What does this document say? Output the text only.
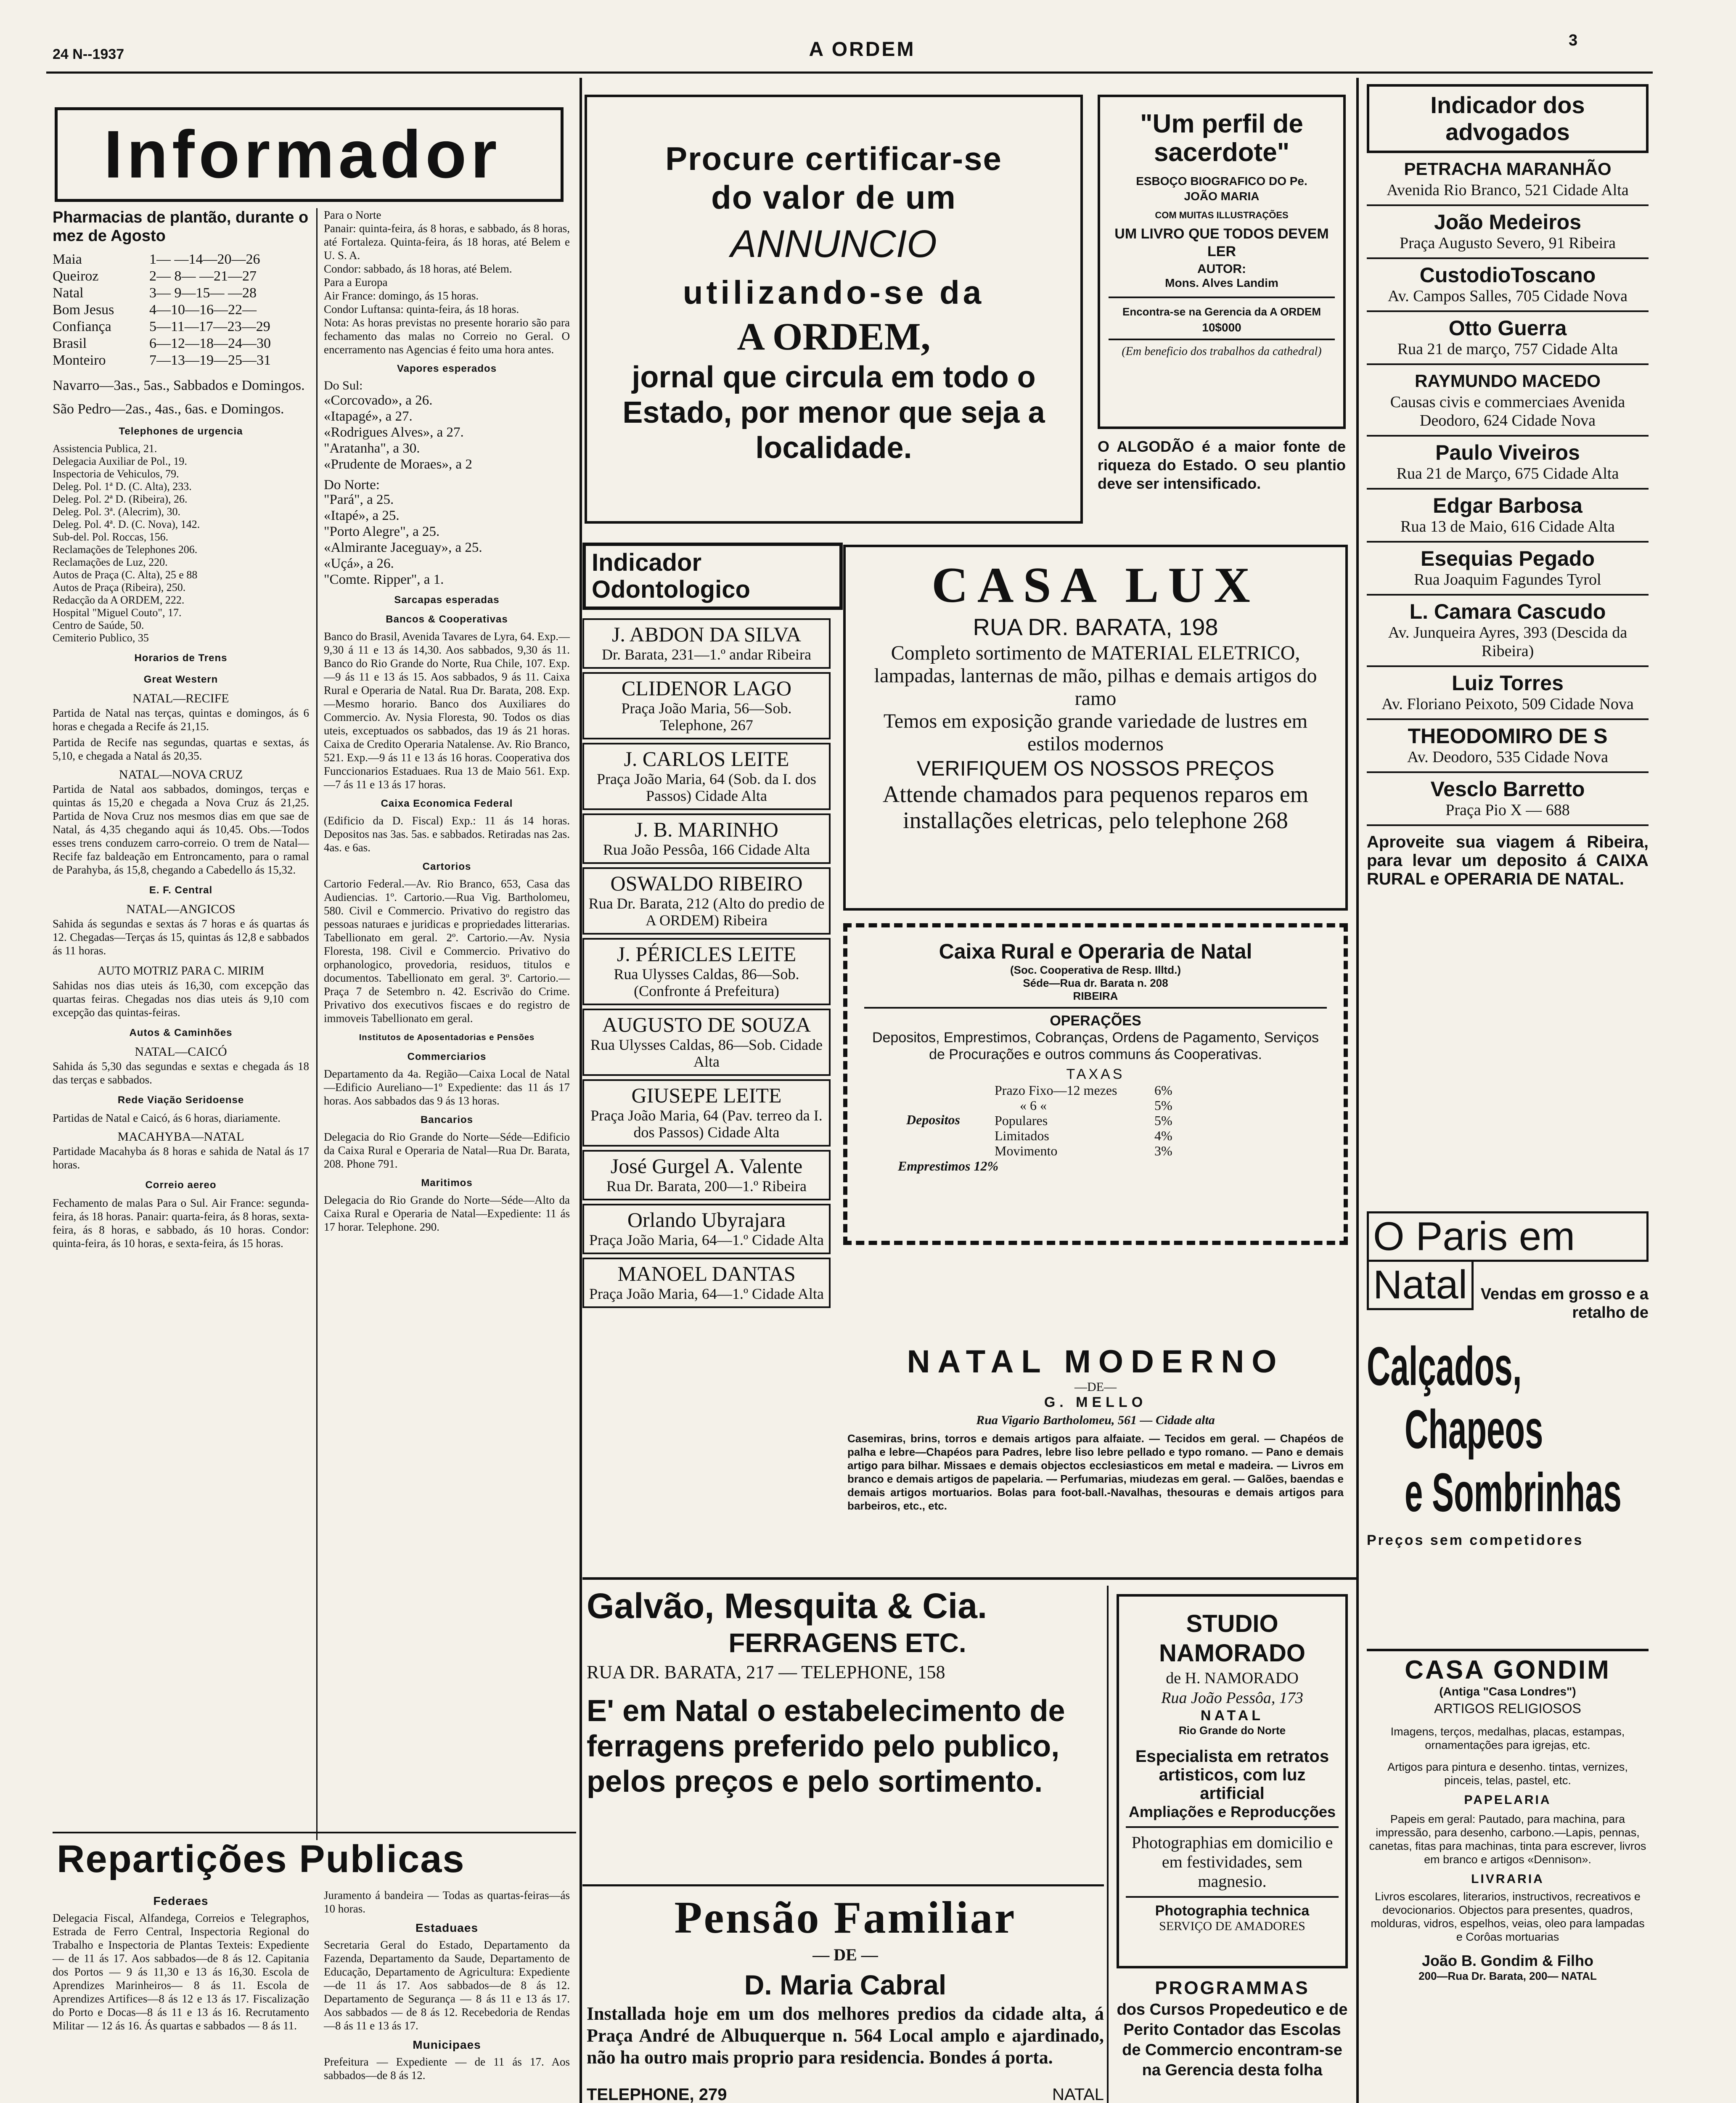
24 N--1937	A ORDEM	3
Informador
Pharmacias de plantão, durante o mez de Agosto
Maia	1— —14—20—26
Queiroz	2— 8— —21—27
Natal	3— 9—15— —28
Bom Jesus 4—10—16—22—
Confiança	5—11—17—23—29
Brasil	6—12—18—24—30
Monteiro	7—13—19—25—31

Navarro—3as., 5as., Sabbados e Domingos.

São Pedro—2as., 4as., 6as. e Domingos.

Telephones de urgencia
Assistencia Publica, 21.
Delegacia Auxiliar de Pol., 19.
Inspectoria de Vehiculos, 79.
Deleg. Pol. 1ª D. (C. Alta), 233.
Deleg. Pol. 2ª D. (Ribeira), 26.
Deleg. Pol. 3ª. (Alecrim), 30.
Deleg. Pol. 4ª. D. (C. Nova), 142.
Sub-del. Pol. Roccas, 156.
Reclamações de Telephones 206.
Reclamações de Luz, 220.
Autos de Praça (C. Alta), 25 e 88
Autos de Praça (Ribeira), 250.
Redacção da A ORDEM, 222.
Hospital "Miguel Couto", 17.
Centro de Saúde, 50.
Cemiterio Publico, 35
Horarios de Trens
Great Western
NATAL—RECIFE

Partida de Natal nas terças, quintas e domingos, ás 6 horas e chegada a Recife ás 21,15.

Partida de Recife nas segundas, quartas e sextas, ás 5,10, e chegada a Natal ás 20,35.

NATAL—NOVA CRUZ

Partida de Natal aos sabbados, domingos, terças e quintas ás 15,20 e chegada a Nova Cruz ás 21,25. Partida de Nova Cruz nos mesmos dias em que sae de Natal, ás 4,35 chegando aqui ás 10,45. Obs.—Todos esses trens conduzem carro-correio. O trem de Natal—Recife faz baldeação em Entroncamento, para o ramal de Parahyba, ás 15,8, chegando a Cabedello ás 15,32.

E. F. Central
NATAL—ANGICOS

Sahida ás segundas e sextas ás 7 horas e ás quartas ás 12. Chegadas—Terças ás 15, quintas ás 12,8 e sabbados ás 11 horas.

AUTO MOTRIZ PARA C. MIRIM

Sahidas nos dias uteis ás 16,30, com excepção das quartas feiras. Chegadas nos dias uteis ás 9,10 com excepção das quintas-feiras.

Autos & Caminhões
NATAL—CAICÓ

Sahida ás 5,30 das segundas e sextas e chegada ás 18 das terças e sabbados.

Rede Viação Seridoense

Partidas de Natal e Caicó, ás 6 horas, diariamente.

MACAHYBA—NATAL

Partidade Macahyba ás 8 horas e sahida de Natal ás 17 horas.

Correio aereo

Fechamento de malas Para o Sul. Air France: segunda-feira, ás 18 horas. Panair: quarta-feira, ás 8 horas, sexta-feira, ás 8 horas, e sabbado, ás 10 horas. Condor: quinta-feira, ás 10 horas, e sexta-feira, ás 15 horas.

Para o Norte
Panair: quinta-feira, ás 8 horas, e sabbado, ás 8 horas, até Fortaleza. Quinta-feira, ás 18 horas, até Belem e U. S. A.
Condor: sabbado, ás 18 horas, até Belem.
Para a Europa
Air France: domingo, ás 15 horas.
Condor Luftansa: quinta-feira, ás 18 horas.
Nota: As horas previstas no presente horario são para fechamento das malas no Correio no Geral. O encerramento nas Agencias é feito uma hora antes.

Vapores esperados
Do Sul:
«Corcovado», a 26.
«Itapagé», a 27.
«Rodrigues Alves», a 27.
"Aratanha", a 30.
«Prudente de Moraes», a 2
Do Norte:
"Pará", a 25.
«Itapé», a 25.
"Porto Alegre", a 25.
«Almirante Jaceguay», a 25.
«Uçá», a 26.
"Comte. Ripper", a 1.
Sarcapas esperadas
Bancos & Cooperativas

Banco do Brasil, Avenida Tavares de Lyra, 64. Exp.—9,30 á 11 e 13 ás 14,30. Aos sabbados, 9,30 ás 11. Banco do Rio Grande do Norte, Rua Chile, 107. Exp.—9 ás 11 e 13 ás 15. Aos sabbados, 9 ás 11. Caixa Rural e Operaria de Natal. Rua Dr. Barata, 208. Exp.—Mesmo horario. Banco dos Auxiliares do Commercio. Av. Nysia Floresta, 90. Todos os dias uteis, exceptuados os sabbados, das 19 ás 21 horas. Caixa de Credito Operaria Natalense. Av. Rio Branco, 521. Exp.—9 ás 11 e 13 ás 16 horas. Cooperativa dos Funccionarios Estaduaes. Rua 13 de Maio 561. Exp.—7 ás 11 e 13 ás 17 horas.

Caixa Economica Federal

(Edificio da D. Fiscal) Exp.: 11 ás 14 horas. Depositos nas 3as. 5as. e sabbados. Retiradas nas 2as. 4as. e 6as.

Cartorios

Cartorio Federal.—Av. Rio Branco, 653, Casa das Audiencias. 1º. Cartorio.—Rua Vig. Bartholomeu, 580. Civil e Commercio. Privativo do registro das pessoas naturaes e juridicas e propriedades litterarias. Tabellionato em geral. 2º. Cartorio.—Av. Nysia Floresta, 198. Civil e Commercio. Privativo do orphanologico, provedoria, residuos, titulos e documentos. Tabellionato em geral. 3º. Cartorio.—Praça 7 de Setembro n. 42. Escrivão do Crime. Privativo dos executivos fiscaes e do registro de immoveis Tabellionato em geral.

Institutos de Aposentadorias e Pensões
Commerciarios

Departamento da 4a. Região—Caixa Local de Natal—Edificio Aureliano—1º Expediente: das 11 ás 17 horas. Aos sabbados das 9 ás 13 horas.

Bancarios

Delegacia do Rio Grande do Norte—Séde—Edificio da Caixa Rural e Operaria de Natal—Rua Dr. Barata, 208. Phone 791.

Maritimos

Delegacia do Rio Grande do Norte—Séde—Alto da Caixa Rural e Operaria de Natal—Expediente: 11 ás 17 horar. Telephone. 290.

Repartições Publicas
Federaes

Delegacia Fiscal, Alfandega, Correios e Telegraphos, Estrada de Ferro Central, Inspectoria Regional do Trabalho e Inspectoria de Plantas Texteis: Expediente — de 11 ás 17. Aos sabbados—de 8 ás 12. Capitania dos Portos — 9 ás 11,30 e 13 ás 16,30. Escola de Aprendizes Marinheiros— 8 ás 11. Escola de Aprendizes Artifices—8 ás 12 e 13 ás 17. Fiscalização do Porto e Docas—8 ás 11 e 13 ás 16. Recrutamento Militar — 12 ás 16. Ás quartas e sabbados — 8 ás 11.

Juramento á bandeira — Todas as quartas-feiras—ás 10 horas.

Estaduaes

Secretaria Geral do Estado, Departamento da Fazenda, Departamento da Saude, Departamento de Educação, Departamento de Agricultura: Expediente—de 11 ás 17. Aos sabbados—de 8 ás 12. Departamento de Segurança — 8 ás 11 e 13 ás 17. Aos sabbados — de 8 ás 12. Recebedoria de Rendas—8 ás 11 e 13 ás 17.

Municipaes

Prefeitura — Expediente — de 11 ás 17. Aos sabbados—de 8 ás 12.

Procure certificar-se
do valor de um
ANNUNCIO
utilizando-se da
A ORDEM,
jornal que circula em todo o Estado, por menor que seja a localidade.
"Um perfil de sacerdote"
ESBOÇO BIOGRAFICO DO Pe. JOÃO MARIA
COM MUITAS ILLUSTRAÇÕES
UM LIVRO QUE TODOS DEVEM LER
AUTOR:
Mons. Alves Landim
Encontra-se na Gerencia da A ORDEM
10$000
(Em beneficio dos trabalhos da cathedral)
O ALGODÃO é a maior fonte de riqueza do Estado. O seu plantio deve ser intensificado.
Indicador Odontologico
J. ABDON DA SILVA
Dr. Barata, 231—1.º andar Ribeira
CLIDENOR LAGO
Praça João Maria, 56—Sob. Telephone, 267
J. CARLOS LEITE
Praça João Maria, 64 (Sob. da I. dos Passos) Cidade Alta
J. B. MARINHO
Rua João Pessôa, 166 Cidade Alta
OSWALDO RIBEIRO
Rua Dr. Barata, 212 (Alto do predio de A ORDEM) Ribeira
J. PÉRICLES LEITE
Rua Ulysses Caldas, 86—Sob. (Confronte á Prefeitura)
AUGUSTO DE SOUZA
Rua Ulysses Caldas, 86—Sob. Cidade Alta
GIUSEPE LEITE
Praça João Maria, 64 (Pav. terreo da I. dos Passos) Cidade Alta
José Gurgel A. Valente
Rua Dr. Barata, 200—1.º Ribeira
Orlando Ubyrajara
Praça João Maria, 64—1.º Cidade Alta
MANOEL DANTAS
Praça João Maria, 64—1.º Cidade Alta
CASA LUX
RUA DR. BARATA, 198
Completo sortimento de MATERIAL ELETRICO, lampadas, lanternas de mão, pilhas e demais artigos do ramo
Temos em exposição grande variedade de lustres em estilos modernos
VERIFIQUEM OS NOSSOS PREÇOS
Attende chamados para pequenos reparos em installações eletricas, pelo telephone 268
Caixa Rural e Operaria de Natal
(Soc. Cooperativa de Resp. Illtd.)
Séde—Rua dr. Barata n. 208
RIBEIRA
OPERAÇÕES
Depositos, Emprestimos, Cobranças, Ordens de Pagamento, Serviços de Procurações e outros communs ás Cooperativas.
TAXAS
Depositos
Prazo Fixo—12 mezes	6%
« 6 «	5%
Populares	5%
Limitados	4%
Movimento	3%
Emprestimos 12%
NATAL MODERNO
—DE—
G. MELLO
Rua Vigario Bartholomeu, 561 — Cidade alta
Casemiras, brins, torros e demais artigos para alfaiate. — Tecidos em geral. — Chapéos de palha e lebre—Chapéos para Padres, lebre liso lebre pellado e typo romano. — Pano e demais artigo para bilhar. Missaes e demais objectos ecclesiasticos em metal e madeira. — Livros em branco e demais artigos de papelaria. — Perfumarias, miudezas em geral. — Galões, baendas e demais artigos mortuarios. Bolas para foot-ball.-Navalhas, thesouras e demais artigos para barbeiros, etc., etc.
Galvão, Mesquita & Cia.
FERRAGENS ETC.
RUA DR. BARATA, 217 — TELEPHONE, 158
E' em Natal o estabelecimento de ferragens preferido pelo publico, pelos preços e pelo sortimento.
Pensão Familiar
— DE —
D. Maria Cabral
Installada hoje em um dos melhores predios da cidade alta, á Praça André de Albuquerque n. 564 Local amplo e ajardinado, não ha outro mais proprio para residencia. Bondes á porta.
TELEPHONE, 279	NATAL
STUDIO NAMORADO
de H. NAMORADO
Rua João Pessôa, 173
NATAL
Rio Grande do Norte
Especialista em retratos artisticos, com luz artificial
Ampliações e Reproducções
Photographias em domicilio e em festividades, sem magnesio.
Photographia technica
SERVIÇO DE AMADORES
PROGRAMMAS
dos Cursos Propedeutico e de Perito Contador das Escolas de Commercio encontram-se na Gerencia desta folha
Indicador dos advogados
PETRACHA MARANHÃO
Avenida Rio Branco, 521 Cidade Alta
João Medeiros
Praça Augusto Severo, 91 Ribeira
CustodioToscano
Av. Campos Salles, 705 Cidade Nova
Otto Guerra
Rua 21 de março, 757 Cidade Alta
RAYMUNDO MACEDO
Causas civis e commerciaes Avenida Deodoro, 624 Cidade Nova
Paulo Viveiros
Rua 21 de Março, 675 Cidade Alta
Edgar Barbosa
Rua 13 de Maio, 616 Cidade Alta
Esequias Pegado
Rua Joaquim Fagundes Tyrol
L. Camara Cascudo
Av. Junqueira Ayres, 393 (Descida da Ribeira)
Luiz Torres
Av. Floriano Peixoto, 509 Cidade Nova
THEODOMIRO DE S
Av. Deodoro, 535 Cidade Nova
Vesclo Barretto
Praça Pio X — 688
Aproveite sua viagem á Ribeira, para levar um deposito á CAIXA RURAL e OPERARIA DE NATAL.
O Paris em
Natal Vendas em grosso e a retalho de
Calçados,
Chapeos
e Sombrinhas
Preços sem competidores
CASA GONDIM
(Antiga "Casa Londres")
ARTIGOS RELIGIOSOS
Imagens, terços, medalhas, placas, estampas, ornamentações para igrejas, etc.
Artigos para pintura e desenho. tintas, vernizes, pinceis, telas, pastel, etc.
PAPELARIA
Papeis em geral: Pautado, para machina, para impressão, para desenho, carbono.—Lapis, pennas, canetas, fitas para machinas, tinta para escrever, livros em branco e artigos «Dennison».
LIVRARIA
Livros escolares, literarios, instructivos, recreativos e devocionarios. Objectos para presentes, quadros, molduras, vidros, espelhos, veias, oleo para lampadas e Corôas mortuarias
João B. Gondim & Filho
200—Rua Dr. Barata, 200— NATAL
